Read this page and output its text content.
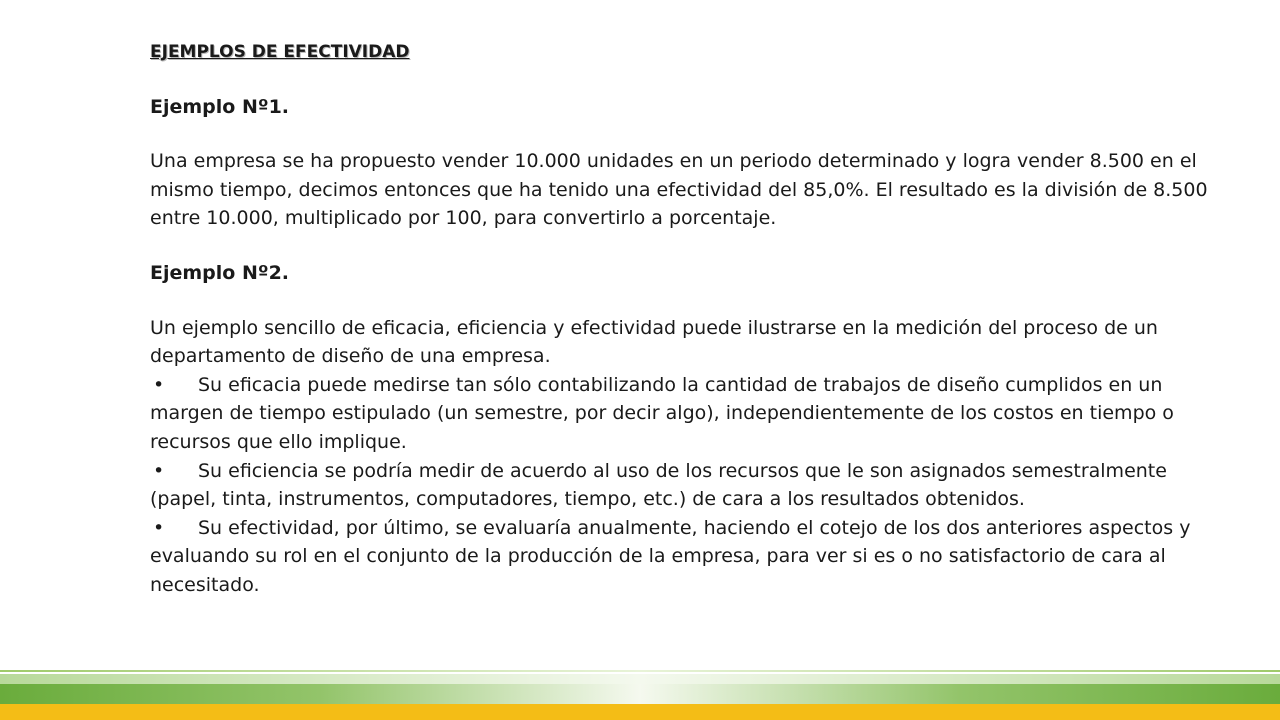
EJEMPLOS DE EFECTIVIDAD
Ejemplo Nº1.
Una empresa se ha propuesto vender 10.000 unidades en un periodo determinado y logra vender 8.500 en el mismo tiempo, decimos entonces que ha tenido una efectividad del 85,0%. El resultado es la división de 8.500 entre 10.000, multiplicado por 100, para convertirlo a porcentaje.
Ejemplo Nº2.
Un ejemplo sencillo de eficacia, eficiencia y efectividad puede ilustrarse en la medición del proceso de un departamento de diseño de una empresa.
• Su eficacia puede medirse tan sólo contabilizando la cantidad de trabajos de diseño cumplidos en un margen de tiempo estipulado (un semestre, por decir algo), independientemente de los costos en tiempo o recursos que ello implique.
• Su eficiencia se podría medir de acuerdo al uso de los recursos que le son asignados semestralmente (papel, tinta, instrumentos, computadores, tiempo, etc.) de cara a los resultados obtenidos.
• Su efectividad, por último, se evaluaría anualmente, haciendo el cotejo de los dos anteriores aspectos y evaluando su rol en el conjunto de la producción de la empresa, para ver si es o no satisfactorio de cara al necesitado.
